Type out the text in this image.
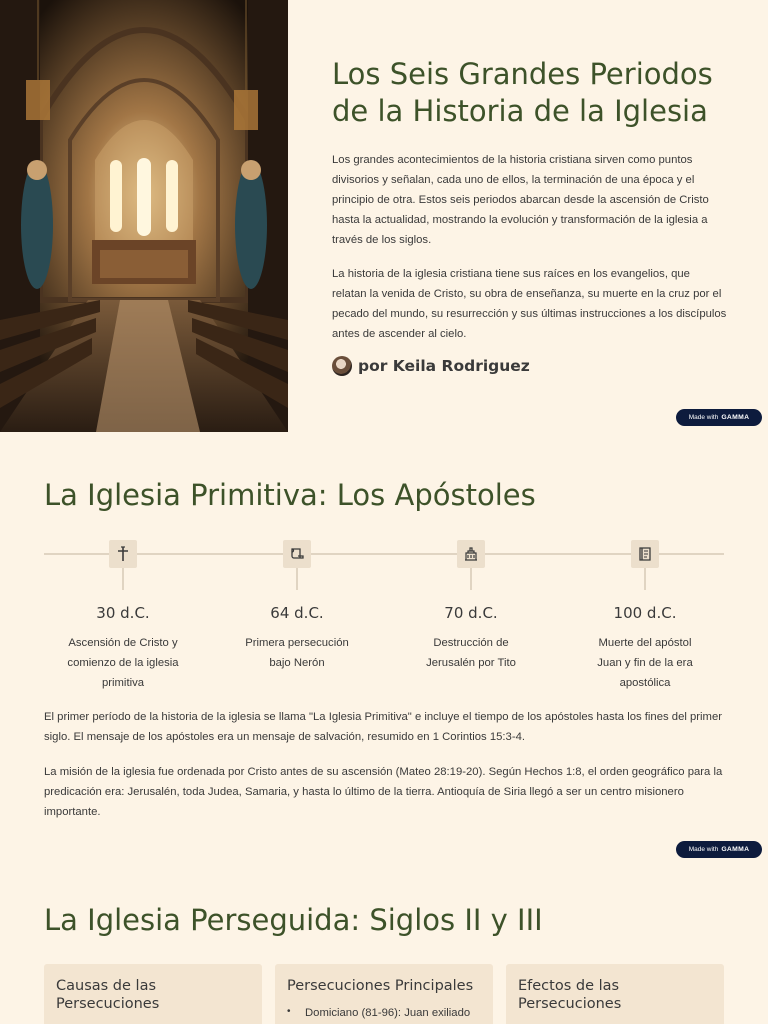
Los Seis Grandes Periodos de la Historia de la Iglesia

Los grandes acontecimientos de la historia cristiana sirven como puntos divisorios y señalan, cada uno de ellos, la terminación de una época y el principio de otra. Estos seis periodos abarcan desde la ascensión de Cristo hasta la actualidad, mostrando la evolución y transformación de la iglesia a través de los siglos.

La historia de la iglesia cristiana tiene sus raíces en los evangelios, que relatan la venida de Cristo, su obra de enseñanza, su muerte en la cruz por el pecado del mundo, su resurrección y sus últimas instrucciones a los discípulos antes de ascender al cielo.

por Keila Rodriguez
Made with GAMMA
La Iglesia Primitiva: Los Apóstoles
30 d.C.
Ascensión de Cristo y comienzo de la iglesia primitiva
64 d.C.
Primera persecución bajo Nerón
70 d.C.
Destrucción de Jerusalén por Tito
100 d.C.
Muerte del apóstol Juan y fin de la era apostólica

El primer período de la historia de la iglesia se llama "La Iglesia Primitiva" e incluye el tiempo de los apóstoles hasta los fines del primer siglo. El mensaje de los apóstoles era un mensaje de salvación, resumido en 1 Corintios 15:3-4.

La misión de la iglesia fue ordenada por Cristo antes de su ascensión (Mateo 28:19-20). Según Hechos 1:8, el orden geográfico para la predicación era: Jerusalén, toda Judea, Samaria, y hasta lo último de la tierra. Antioquía de Siria llegó a ser un centro misionero importante.

Made with GAMMA
La Iglesia Perseguida: Siglos II y III
Causas de las Persecuciones
Persecuciones Principales
• Domiciano (81-96): Juan exiliado
Efectos de las Persecuciones
